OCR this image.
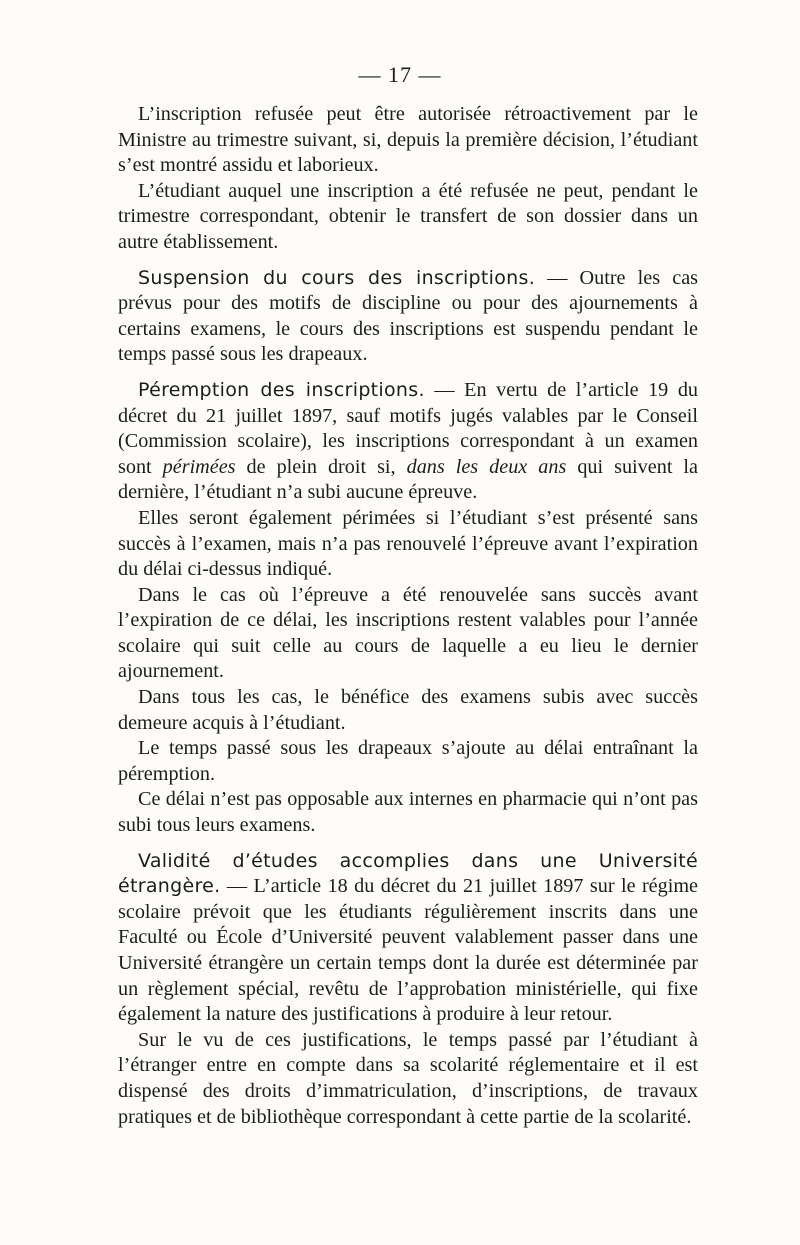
— 17 —

L’inscription refusée peut être autorisée rétroactivement par le Ministre au trimestre suivant, si, depuis la première décision, l’étudiant s’est montré assidu et laborieux.

L’étudiant auquel une inscription a été refusée ne peut, pendant le trimestre correspondant, obtenir le transfert de son dossier dans un autre établissement.

Suspension du cours des inscriptions. — Outre les cas prévus pour des motifs de discipline ou pour des ajournements à certains examens, le cours des inscriptions est suspendu pendant le temps passé sous les drapeaux.

Péremption des inscriptions. — En vertu de l’article 19 du décret du 21 juillet 1897, sauf motifs jugés valables par le Conseil (Commission scolaire), les inscriptions correspondant à un examen sont périmées de plein droit si, dans les deux ans qui suivent la dernière, l’étudiant n’a subi aucune épreuve.

Elles seront également périmées si l’étudiant s’est présenté sans succès à l’examen, mais n’a pas renouvelé l’épreuve avant l’expiration du délai ci-dessus indiqué.

Dans le cas où l’épreuve a été renouvelée sans succès avant l’expiration de ce délai, les inscriptions restent valables pour l’année scolaire qui suit celle au cours de laquelle a eu lieu le dernier ajournement.

Dans tous les cas, le bénéfice des examens subis avec succès demeure acquis à l’étudiant.

Le temps passé sous les drapeaux s’ajoute au délai entraînant la péremption.

Ce délai n’est pas opposable aux internes en pharmacie qui n’ont pas subi tous leurs examens.

Validité d’études accomplies dans une Université étrangère. — L’article 18 du décret du 21 juillet 1897 sur le régime scolaire prévoit que les étudiants régulièrement inscrits dans une Faculté ou École d’Université peuvent valablement passer dans une Université étrangère un certain temps dont la durée est déterminée par un règlement spécial, revêtu de l’approbation ministérielle, qui fixe également la nature des justifications à produire à leur retour.

Sur le vu de ces justifications, le temps passé par l’étudiant à l’étranger entre en compte dans sa scolarité réglementaire et il est dispensé des droits d’immatriculation, d’inscriptions, de travaux pratiques et de bibliothèque correspondant à cette partie de la scolarité.
